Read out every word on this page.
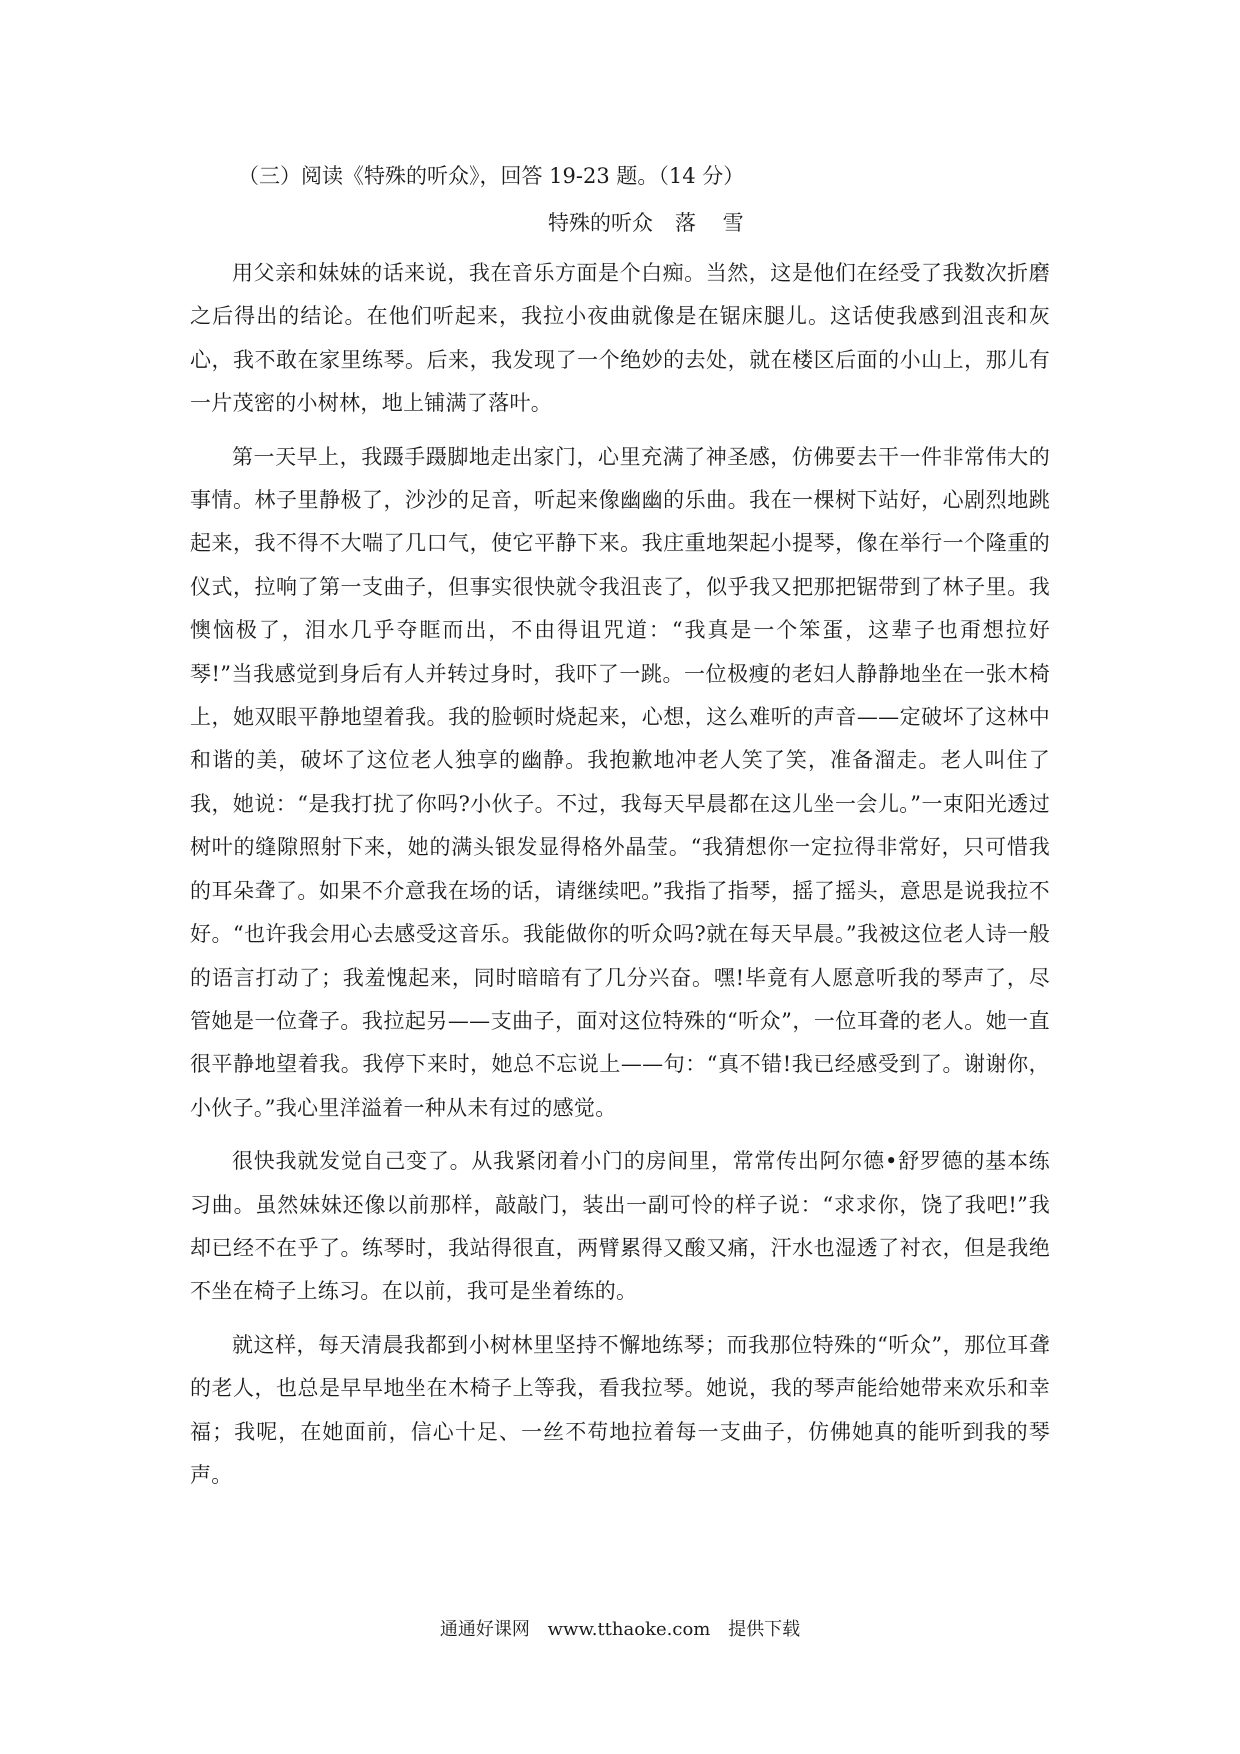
（三）阅读《特殊的听众》，回答 19-23 题。（14 分）
特殊的听众 落 雪

用父亲和妹妹的话来说，我在音乐方面是个白痴。当然，这是他们在经受了我数次折磨之后得出的结论。在他们听起来，我拉小夜曲就像是在锯床腿儿。这话使我感到沮丧和灰心，我不敢在家里练琴。后来，我发现了一个绝妙的去处，就在楼区后面的小山上，那儿有一片茂密的小树林，地上铺满了落叶。

第一天早上，我蹑手蹑脚地走出家门，心里充满了神圣感，仿佛要去干一件非常伟大的事情。林子里静极了，沙沙的足音，听起来像幽幽的乐曲。我在一棵树下站好，心剧烈地跳起来，我不得不大喘了几口气，使它平静下来。我庄重地架起小提琴，像在举行一个隆重的仪式，拉响了第一支曲子，但事实很快就令我沮丧了，似乎我又把那把锯带到了林子里。我懊恼极了，泪水几乎夺眶而出，不由得诅咒道：“我真是一个笨蛋，这辈子也甭想拉好琴!”当我感觉到身后有人并转过身时，我吓了一跳。一位极瘦的老妇人静静地坐在一张木椅上，她双眼平静地望着我。我的脸顿时烧起来，心想，这么难听的声音——定破坏了这林中和谐的美，破坏了这位老人独享的幽静。我抱歉地冲老人笑了笑，准备溜走。老人叫住了我，她说：“是我打扰了你吗?小伙子。不过，我每天早晨都在这儿坐一会儿。”一束阳光透过树叶的缝隙照射下来，她的满头银发显得格外晶莹。“我猜想你一定拉得非常好，只可惜我的耳朵聋了。如果不介意我在场的话，请继续吧。”我指了指琴，摇了摇头，意思是说我拉不好。“也许我会用心去感受这音乐。我能做你的听众吗?就在每天早晨。”我被这位老人诗一般的语言打动了；我羞愧起来，同时暗暗有了几分兴奋。嘿!毕竟有人愿意听我的琴声了，尽管她是一位聋子。我拉起另——支曲子，面对这位特殊的“听众”，一位耳聋的老人。她一直很平静地望着我。我停下来时，她总不忘说上——句：“真不错!我已经感受到了。谢谢你，小伙子。”我心里洋溢着一种从未有过的感觉。

很快我就发觉自己变了。从我紧闭着小门的房间里，常常传出阿尔德•舒罗德的基本练习曲。虽然妹妹还像以前那样，敲敲门，装出一副可怜的样子说：“求求你，饶了我吧!”我却已经不在乎了。练琴时，我站得很直，两臂累得又酸又痛，汗水也湿透了衬衣，但是我绝不坐在椅子上练习。在以前，我可是坐着练的。

就这样，每天清晨我都到小树林里坚持不懈地练琴；而我那位特殊的“听众”，那位耳聋的老人，也总是早早地坐在木椅子上等我，看我拉琴。她说，我的琴声能给她带来欢乐和幸福；我呢，在她面前，信心十足、一丝不苟地拉着每一支曲子，仿佛她真的能听到我的琴声。

通通好课网 www.tthaoke.com 提供下载
